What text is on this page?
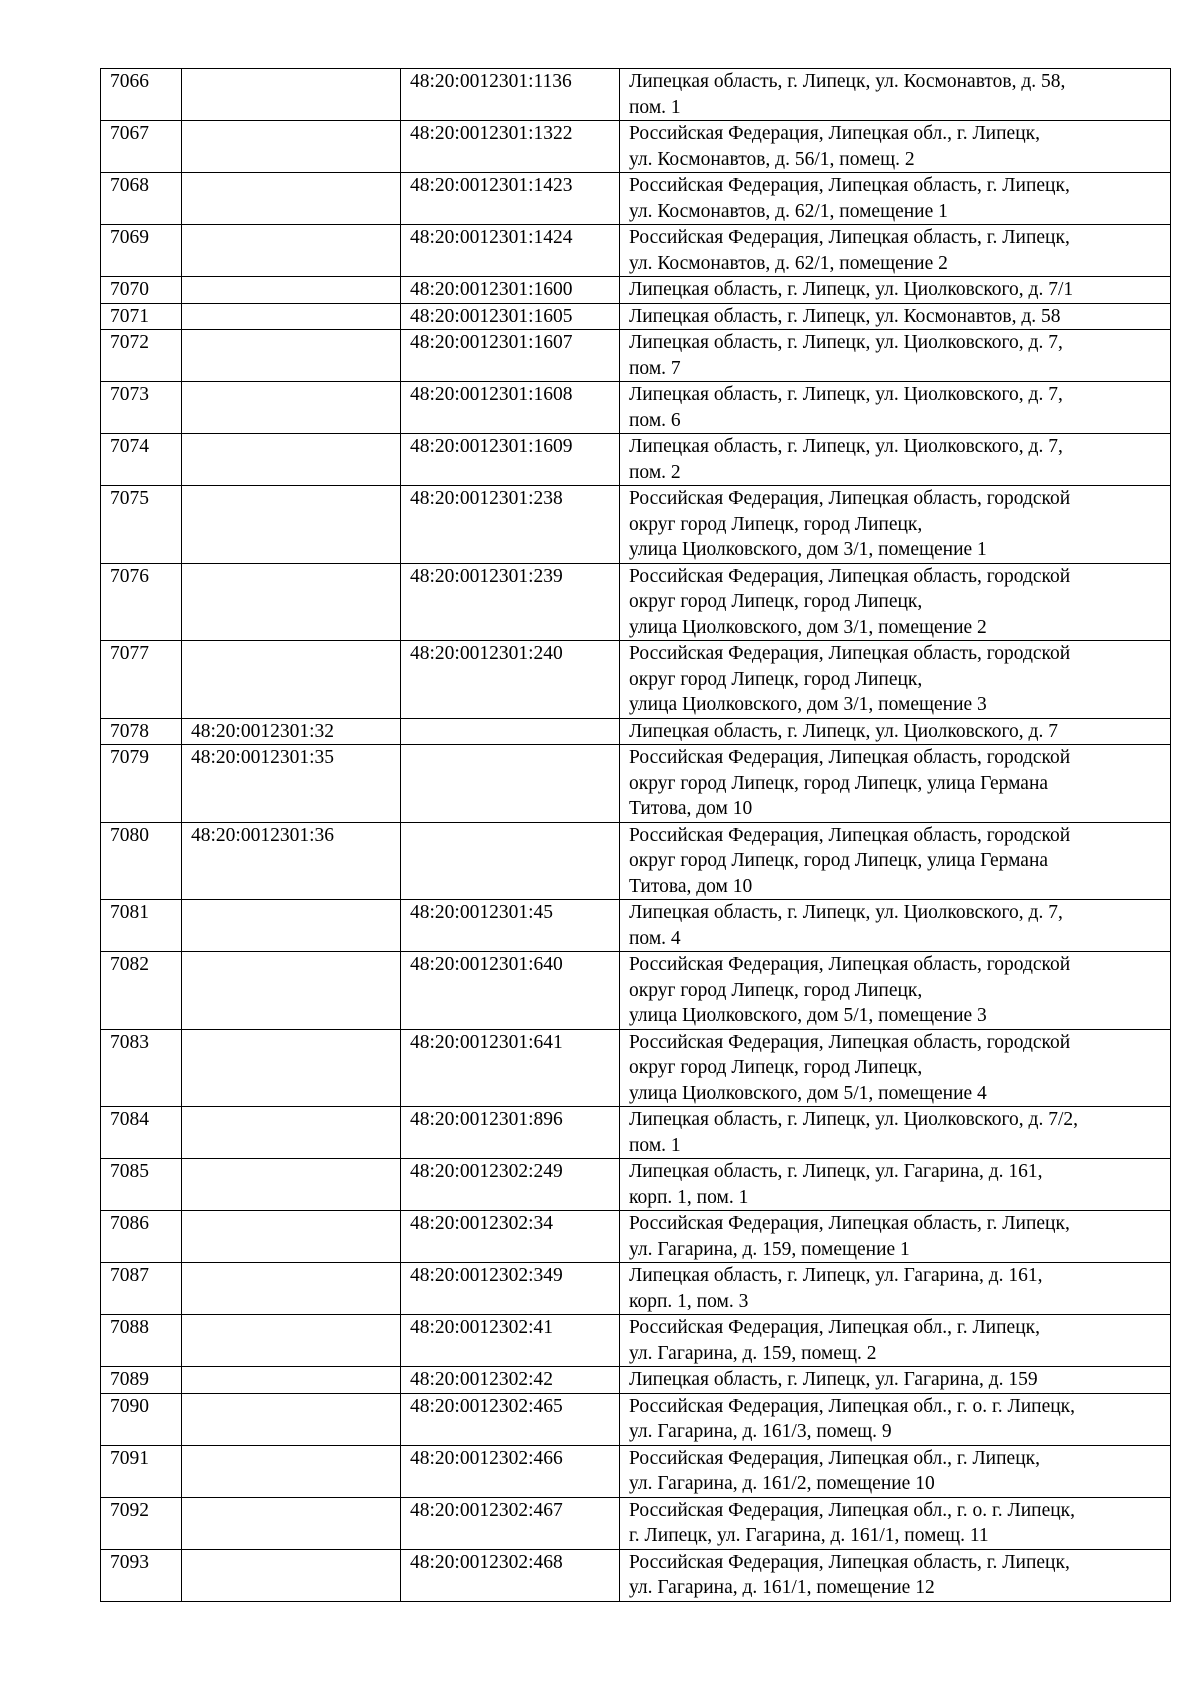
7066		48:20:0012301:1136	Липецкая область, г. Липецк, ул. Космонавтов, д. 58,
пом. 1
7067		48:20:0012301:1322	Российская Федерация, Липецкая обл., г. Липецк,
ул. Космонавтов, д. 56/1, помещ. 2
7068		48:20:0012301:1423	Российская Федерация, Липецкая область, г. Липецк,
ул. Космонавтов, д. 62/1, помещение 1
7069		48:20:0012301:1424	Российская Федерация, Липецкая область, г. Липецк,
ул. Космонавтов, д. 62/1, помещение 2
7070		48:20:0012301:1600	Липецкая область, г. Липецк, ул. Циолковского, д. 7/1
7071		48:20:0012301:1605	Липецкая область, г. Липецк, ул. Космонавтов, д. 58
7072		48:20:0012301:1607	Липецкая область, г. Липецк, ул. Циолковского, д. 7,
пом. 7
7073		48:20:0012301:1608	Липецкая область, г. Липецк, ул. Циолковского, д. 7,
пом. 6
7074		48:20:0012301:1609	Липецкая область, г. Липецк, ул. Циолковского, д. 7,
пом. 2
7075		48:20:0012301:238	Российская Федерация, Липецкая область, городской
округ город Липецк, город Липецк,
улица Циолковского, дом 3/1, помещение 1
7076		48:20:0012301:239	Российская Федерация, Липецкая область, городской
округ город Липецк, город Липецк,
улица Циолковского, дом 3/1, помещение 2
7077		48:20:0012301:240	Российская Федерация, Липецкая область, городской
округ город Липецк, город Липецк,
улица Циолковского, дом 3/1, помещение 3
7078	48:20:0012301:32		Липецкая область, г. Липецк, ул. Циолковского, д. 7
7079	48:20:0012301:35		Российская Федерация, Липецкая область, городской
округ город Липецк, город Липецк, улица Германа
Титова, дом 10
7080	48:20:0012301:36		Российская Федерация, Липецкая область, городской
округ город Липецк, город Липецк, улица Германа
Титова, дом 10
7081		48:20:0012301:45	Липецкая область, г. Липецк, ул. Циолковского, д. 7,
пом. 4
7082		48:20:0012301:640	Российская Федерация, Липецкая область, городской
округ город Липецк, город Липецк,
улица Циолковского, дом 5/1, помещение 3
7083		48:20:0012301:641	Российская Федерация, Липецкая область, городской
округ город Липецк, город Липецк,
улица Циолковского, дом 5/1, помещение 4
7084		48:20:0012301:896	Липецкая область, г. Липецк, ул. Циолковского, д. 7/2,
пом. 1
7085		48:20:0012302:249	Липецкая область, г. Липецк, ул. Гагарина, д. 161,
корп. 1, пом. 1
7086		48:20:0012302:34	Российская Федерация, Липецкая область, г. Липецк,
ул. Гагарина, д. 159, помещение 1
7087		48:20:0012302:349	Липецкая область, г. Липецк, ул. Гагарина, д. 161,
корп. 1, пом. 3
7088		48:20:0012302:41	Российская Федерация, Липецкая обл., г. Липецк,
ул. Гагарина, д. 159, помещ. 2
7089		48:20:0012302:42	Липецкая область, г. Липецк, ул. Гагарина, д. 159
7090		48:20:0012302:465	Российская Федерация, Липецкая обл., г. о. г. Липецк,
ул. Гагарина, д. 161/3, помещ. 9
7091		48:20:0012302:466	Российская Федерация, Липецкая обл., г. Липецк,
ул. Гагарина, д. 161/2, помещение 10
7092		48:20:0012302:467	Российская Федерация, Липецкая обл., г. о. г. Липецк,
г. Липецк, ул. Гагарина, д. 161/1, помещ. 11
7093		48:20:0012302:468	Российская Федерация, Липецкая область, г. Липецк,
ул. Гагарина, д. 161/1, помещение 12
